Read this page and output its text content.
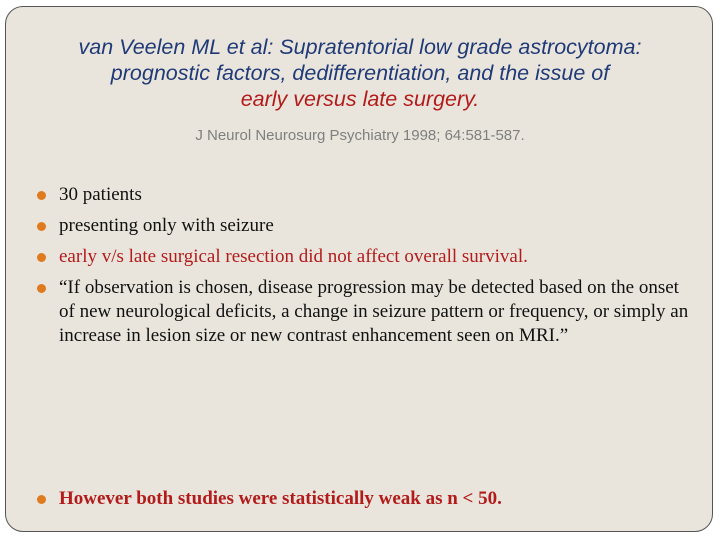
van Veelen ML et al: Supratentorial low grade astrocytoma:
prognostic factors, dedifferentiation, and the issue of
early versus late surgery.
J Neurol Neurosurg Psychiatry 1998; 64:581-587.
30 patients
presenting only with seizure
early v/s late surgical resection did not affect overall survival.
“If observation is chosen, disease progression may be detected based on the onset of new neurological deficits, a change in seizure pattern or frequency, or simply an increase in lesion size or new contrast enhancement seen on MRI.”
However both studies were statistically weak as n < 50.
